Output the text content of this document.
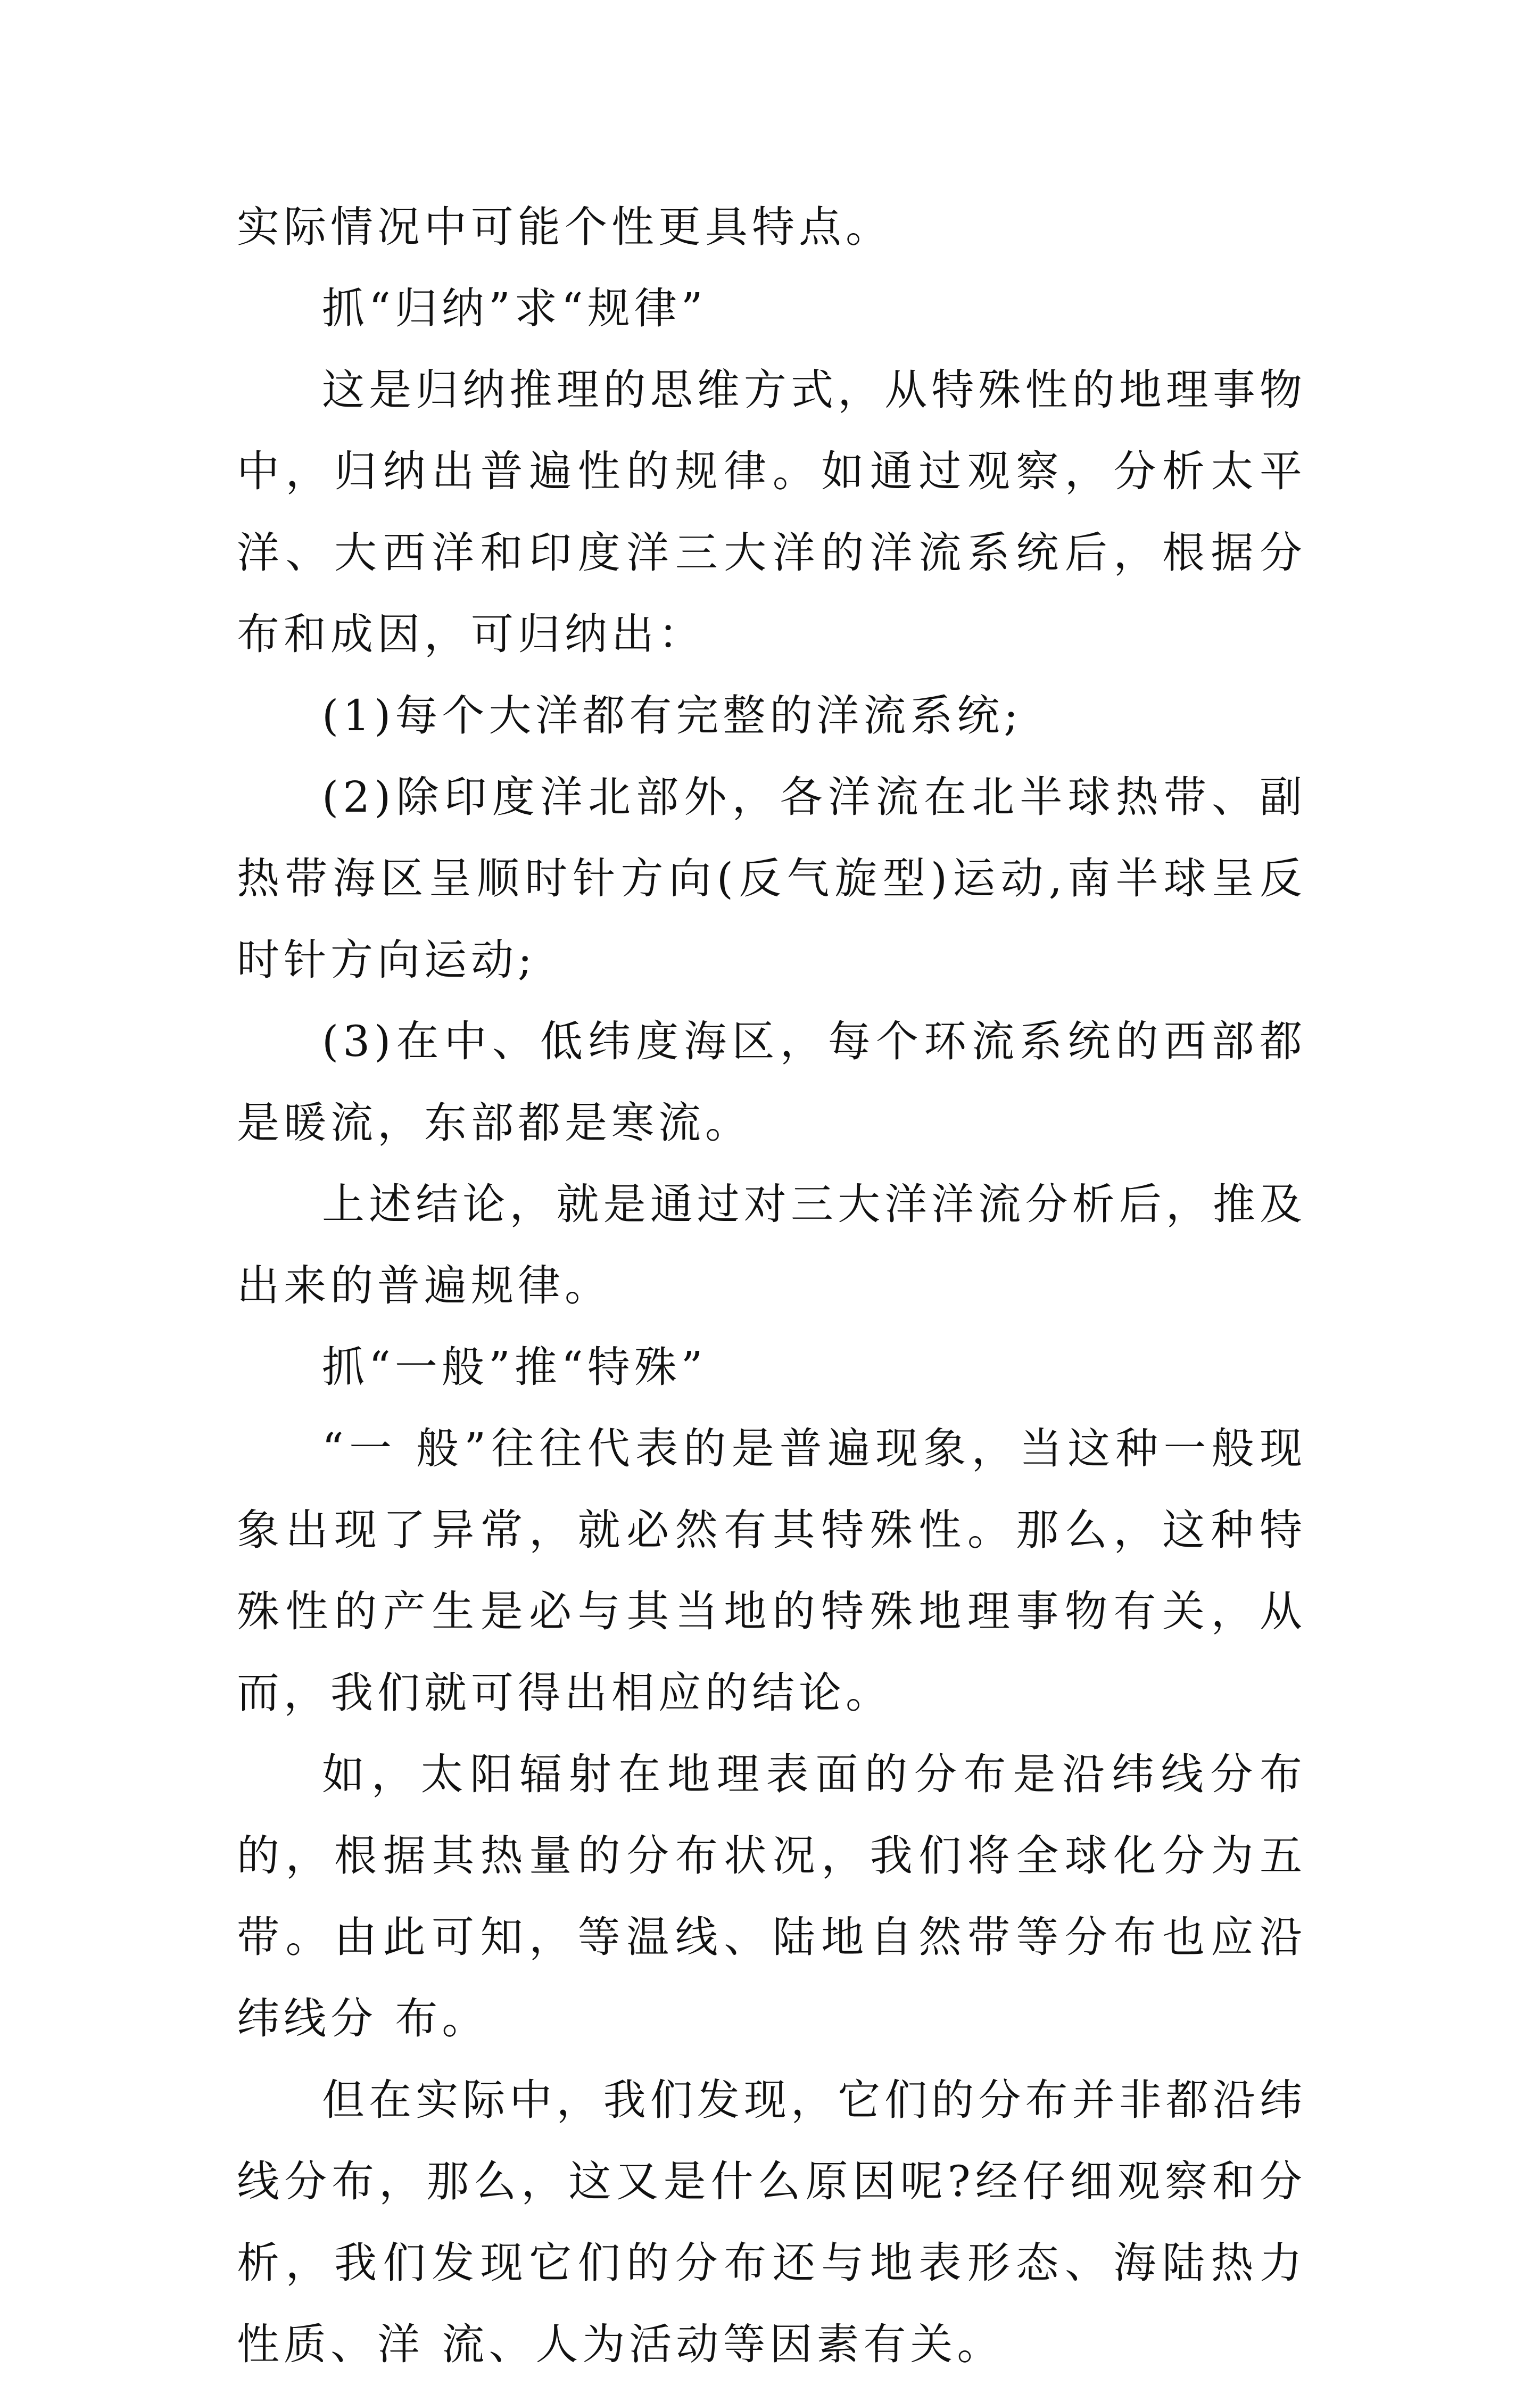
实际情况中可能个性更具特点。

抓“归纳”求“规律”

这是归纳推理的思维方式，从特殊性的地理事物中，归纳出普遍性的规律。如通过观察，分析太平洋、大西洋和印度洋三大洋的洋流系统后，根据分布和成因，可归纳出：

(1)每个大洋都有完整的洋流系统;

(2)除印度洋北部外，各洋流在北半球热带、副热带海区呈顺时针方向(反气旋型)运动,南半球呈反时针方向运动;

(3)在中、低纬度海区，每个环流系统的西部都是暖流，东部都是寒流。

上述结论，就是通过对三大洋洋流分析后，推及出来的普遍规律。

抓“一般”推“特殊”

“一 般”往往代表的是普遍现象，当这种一般现象出现了异常，就必然有其特殊性。那么，这种特殊性的产生是必与其当地的特殊地理事物有关，从而，我们就可得出相应的结论。

如，太阳辐射在地理表面的分布是沿纬线分布的，根据其热量的分布状况，我们将全球化分为五带。由此可知，等温线、陆地自然带等分布也应沿纬线分 布。

但在实际中，我们发现，它们的分布并非都沿纬线分布，那么，这又是什么原因呢?经仔细观察和分析，我们发现它们的分布还与地表形态、海陆热力性质、洋 流、人为活动等因素有关。
